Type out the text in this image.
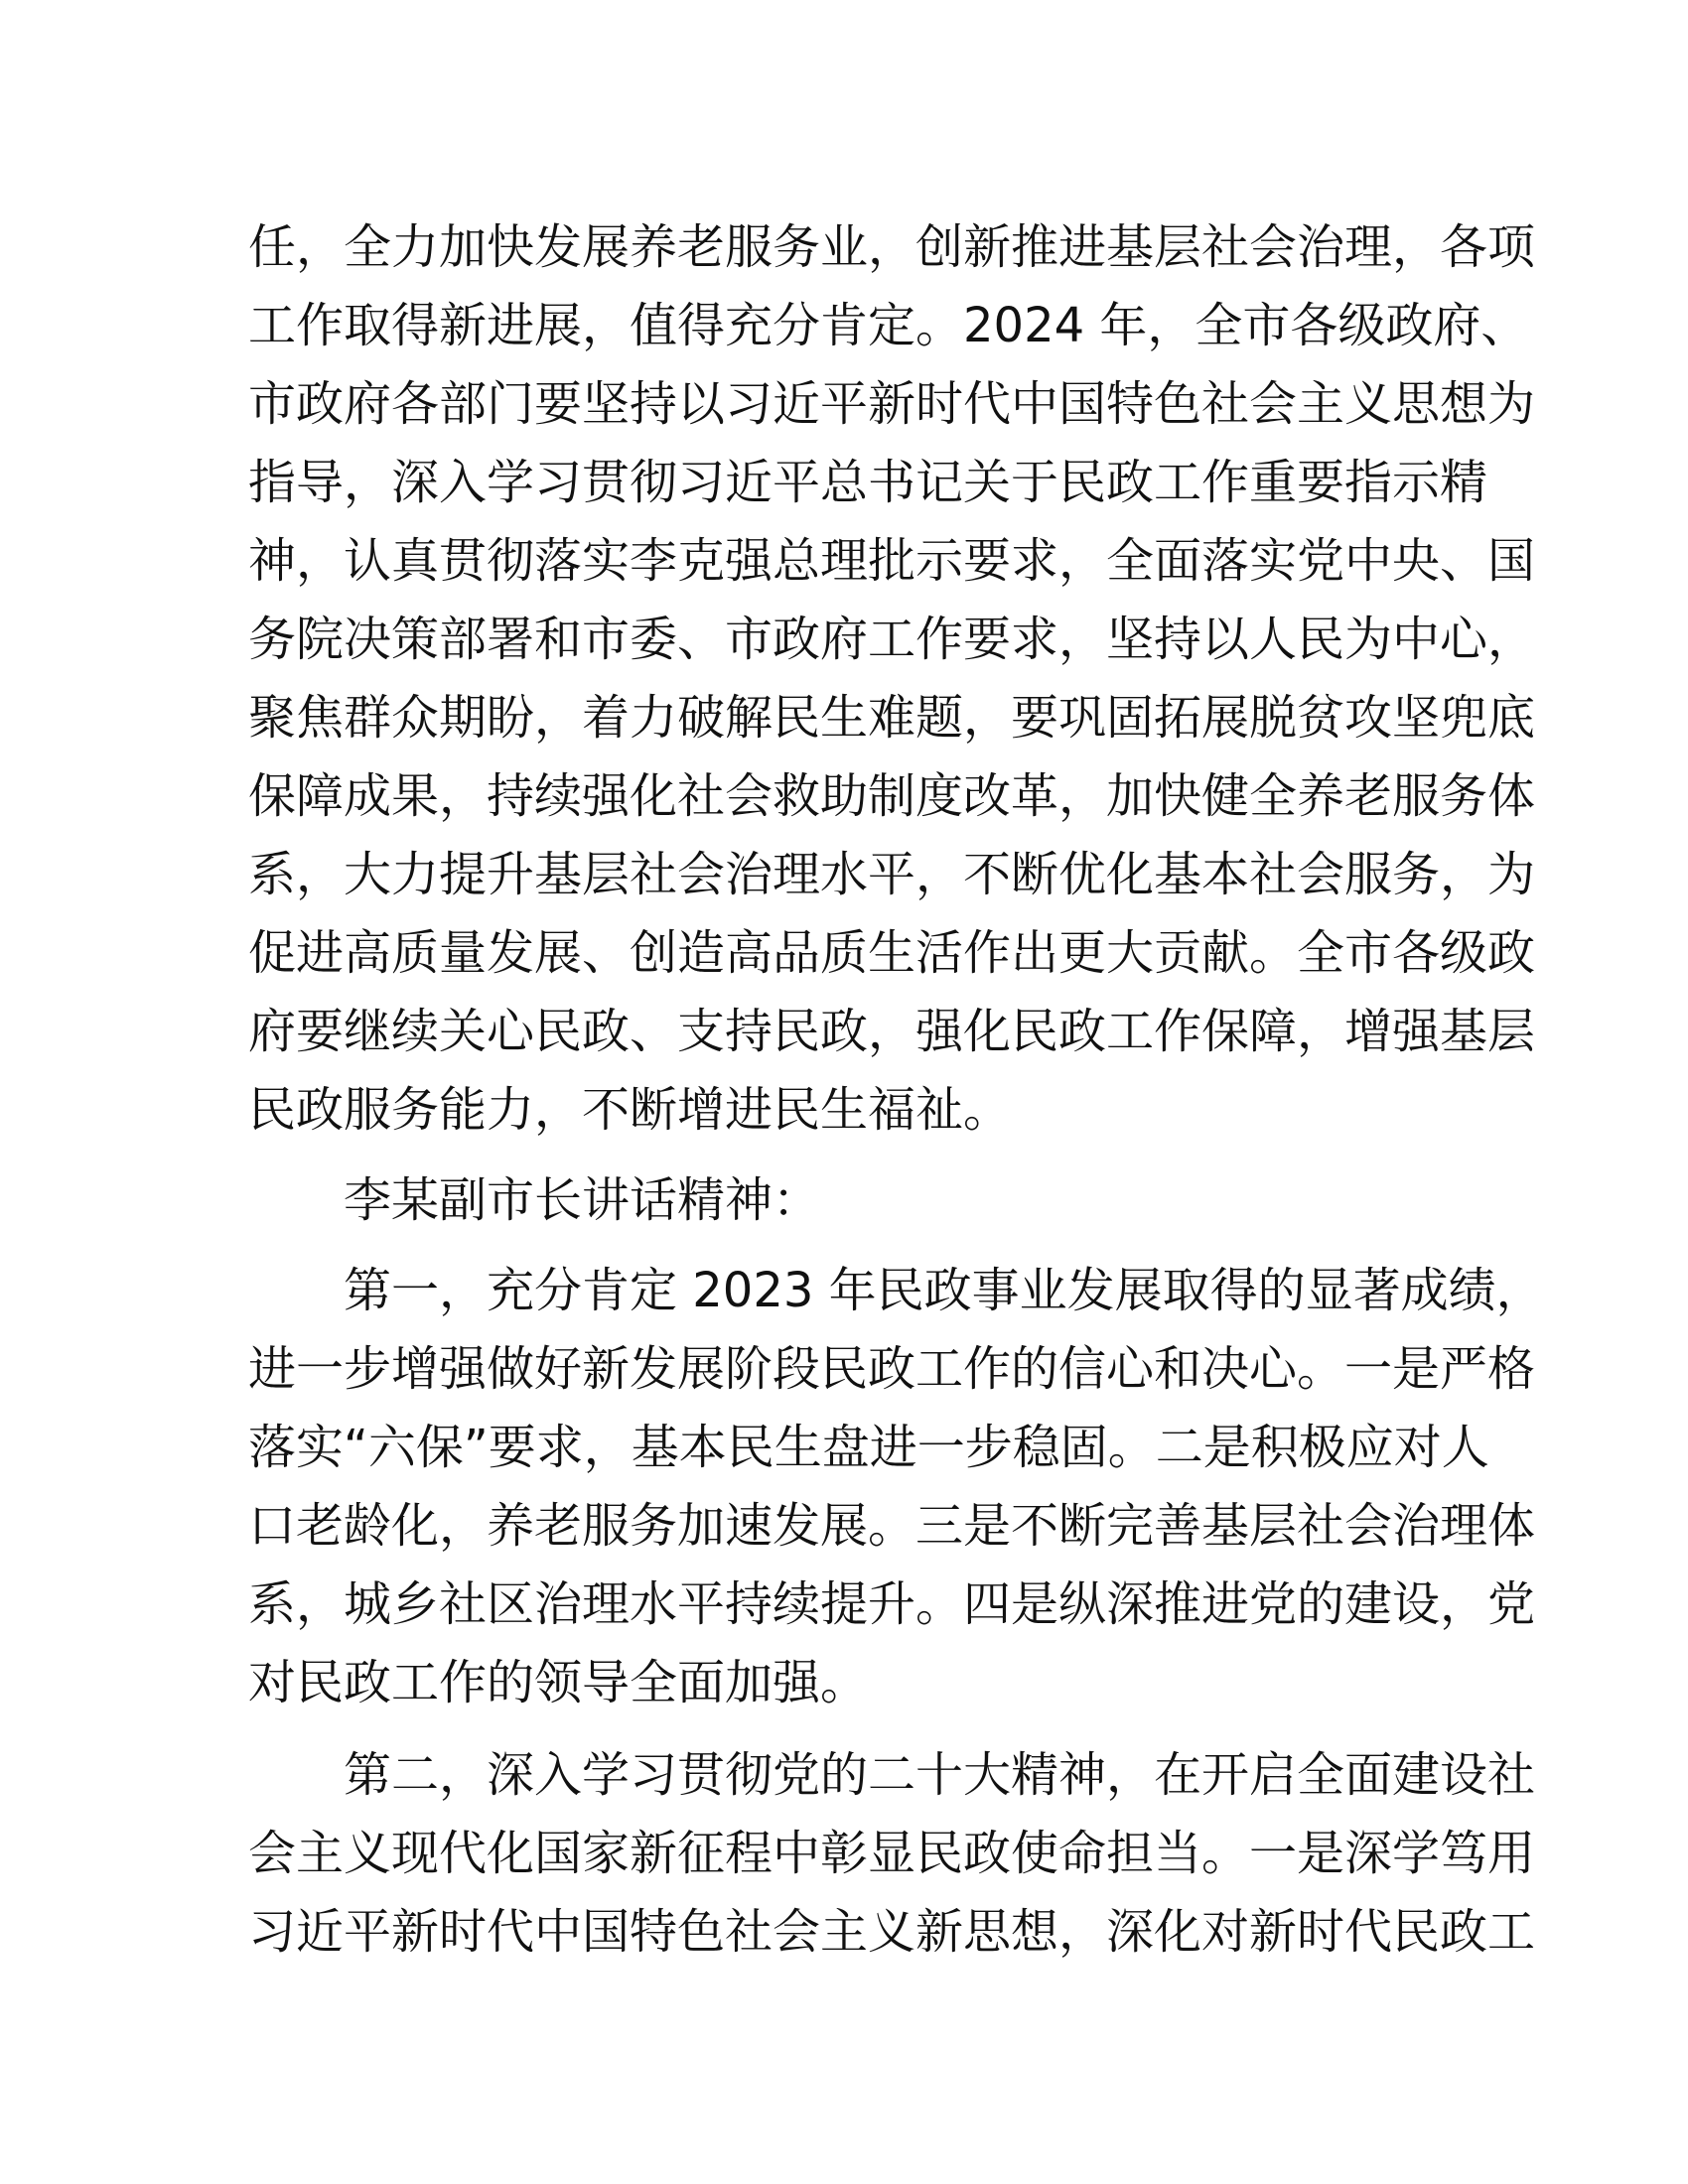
任，全力加快发展养老服务业，创新推进基层社会治理，各项
工作取得新进展，值得充分肯定。2024 年，全市各级政府、
市政府各部门要坚持以习近平新时代中国特色社会主义思想为
指导，深入学习贯彻习近平总书记关于民政工作重要指示精
神，认真贯彻落实李克强总理批示要求，全面落实党中央、国
务院决策部署和市委、市政府工作要求，坚持以人民为中心，
聚焦群众期盼，着力破解民生难题，要巩固拓展脱贫攻坚兜底
保障成果，持续强化社会救助制度改革，加快健全养老服务体
系，大力提升基层社会治理水平，不断优化基本社会服务，为
促进高质量发展、创造高品质生活作出更大贡献。全市各级政
府要继续关心民政、支持民政，强化民政工作保障，增强基层
民政服务能力，不断增进民生福祉。
李某副市长讲话精神：
第一，充分肯定 2023 年民政事业发展取得的显著成绩，
进一步增强做好新发展阶段民政工作的信心和决心。一是严格
落实“六保”要求，基本民生盘进一步稳固。二是积极应对人
口老龄化，养老服务加速发展。三是不断完善基层社会治理体
系，城乡社区治理水平持续提升。四是纵深推进党的建设，党
对民政工作的领导全面加强。
第二，深入学习贯彻党的二十大精神，在开启全面建设社
会主义现代化国家新征程中彰显民政使命担当。一是深学笃用
习近平新时代中国特色社会主义新思想，深化对新时代民政工
